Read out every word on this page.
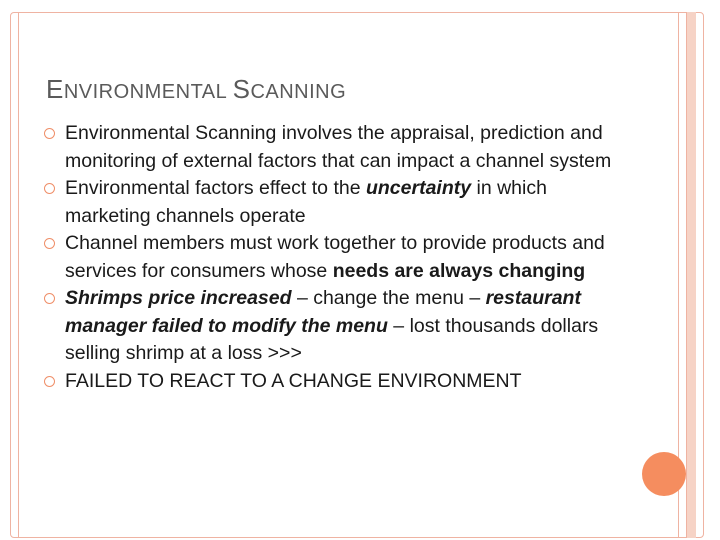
ENVIRONMENTAL SCANNING
Environmental Scanning involves the appraisal, prediction and monitoring of external factors that can impact a channel system
Environmental factors effect to the uncertainty in which marketing channels operate
Channel members must work together to provide products and services for consumers whose needs are always changing
Shrimps price increased – change the menu – restaurant manager failed to modify the menu – lost thousands dollars selling shrimp at a loss >>>
FAILED TO REACT TO A CHANGE ENVIRONMENT
